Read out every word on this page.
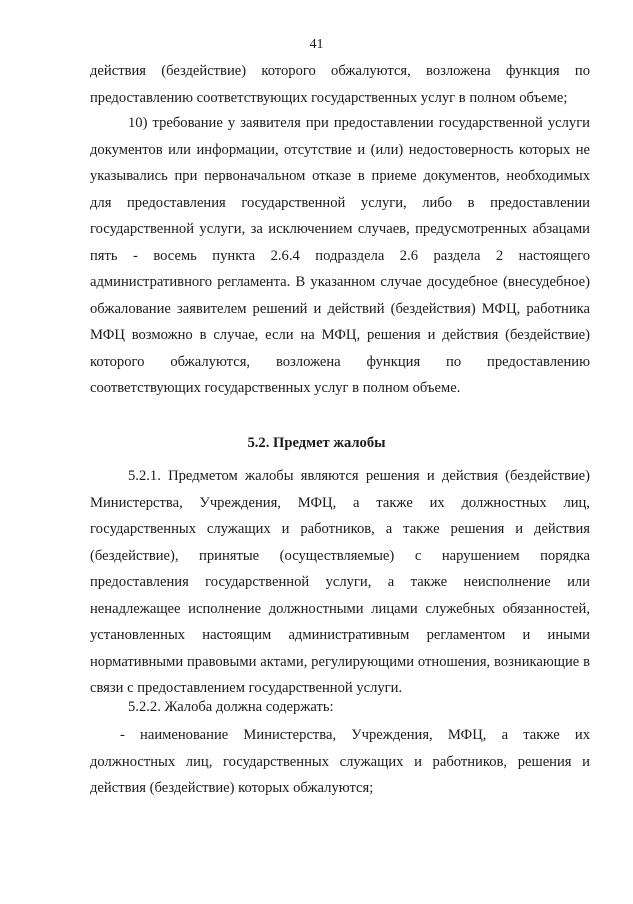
41

действия (бездействие) которого обжалуются, возложена функция по предоставлению соответствующих государственных услуг в полном объеме;

10) требование у заявителя при предоставлении государственной услуги документов или информации, отсутствие и (или) недостоверность которых не указывались при первоначальном отказе в приеме документов, необходимых для предоставления государственной услуги, либо в предоставлении государственной услуги, за исключением случаев, предусмотренных абзацами пять - восемь пункта 2.6.4 подраздела 2.6 раздела 2 настоящего административного регламента. В указанном случае досудебное (внесудебное) обжалование заявителем решений и действий (бездействия) МФЦ, работника МФЦ возможно в случае, если на МФЦ, решения и действия (бездействие) которого обжалуются, возложена функция по предоставлению соответствующих государственных услуг в полном объеме.

5.2. Предмет жалобы

5.2.1. Предметом жалобы являются решения и действия (бездействие) Министерства, Учреждения, МФЦ, а также их должностных лиц, государственных служащих и работников, а также решения и действия (бездействие), принятые (осуществляемые) с нарушением порядка предоставления государственной услуги, а также неисполнение или ненадлежащее исполнение должностными лицами служебных обязанностей, установленных настоящим административным регламентом и иными нормативными правовыми актами, регулирующими отношения, возникающие в связи с предоставлением государственной услуги.

5.2.2. Жалоба должна содержать:

- наименование Министерства, Учреждения, МФЦ, а также их должностных лиц, государственных служащих и работников, решения и действия (бездействие) которых обжалуются;
